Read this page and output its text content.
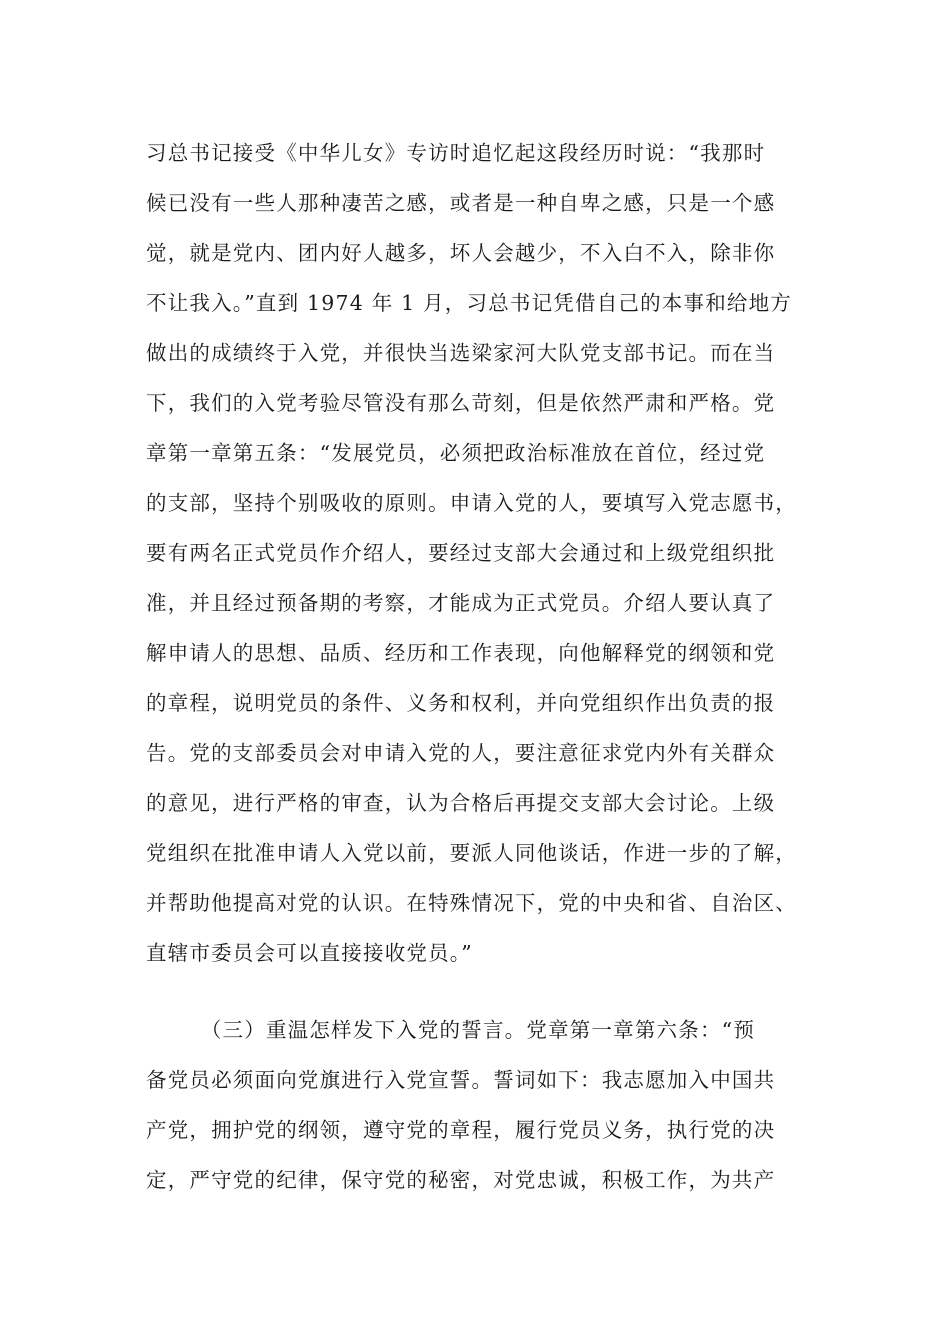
习总书记接受《中华儿女》专访时追忆起这段经历时说：“我那时
候已没有一些人那种凄苦之感，或者是一种自卑之感，只是一个感
觉，就是党内、团内好人越多，坏人会越少，不入白不入，除非你
不让我入。”直到 1974 年 1 月，习总书记凭借自己的本事和给地方
做出的成绩终于入党，并很快当选梁家河大队党支部书记。而在当
下，我们的入党考验尽管没有那么苛刻，但是依然严肃和严格。党
章第一章第五条：“发展党员，必须把政治标准放在首位，经过党
的支部，坚持个别吸收的原则。申请入党的人，要填写入党志愿书，
要有两名正式党员作介绍人，要经过支部大会通过和上级党组织批
准，并且经过预备期的考察，才能成为正式党员。介绍人要认真了
解申请人的思想、品质、经历和工作表现，向他解释党的纲领和党
的章程，说明党员的条件、义务和权利，并向党组织作出负责的报
告。党的支部委员会对申请入党的人，要注意征求党内外有关群众
的意见，进行严格的审查，认为合格后再提交支部大会讨论。上级
党组织在批准申请人入党以前，要派人同他谈话，作进一步的了解，
并帮助他提高对党的认识。在特殊情况下，党的中央和省、自治区、
直辖市委员会可以直接接收党员。”
　　　（三）重温怎样发下入党的誓言。党章第一章第六条：“预
备党员必须面向党旗进行入党宣誓。誓词如下：我志愿加入中国共
产党，拥护党的纲领，遵守党的章程，履行党员义务，执行党的决
定，严守党的纪律，保守党的秘密，对党忠诚，积极工作，为共产
